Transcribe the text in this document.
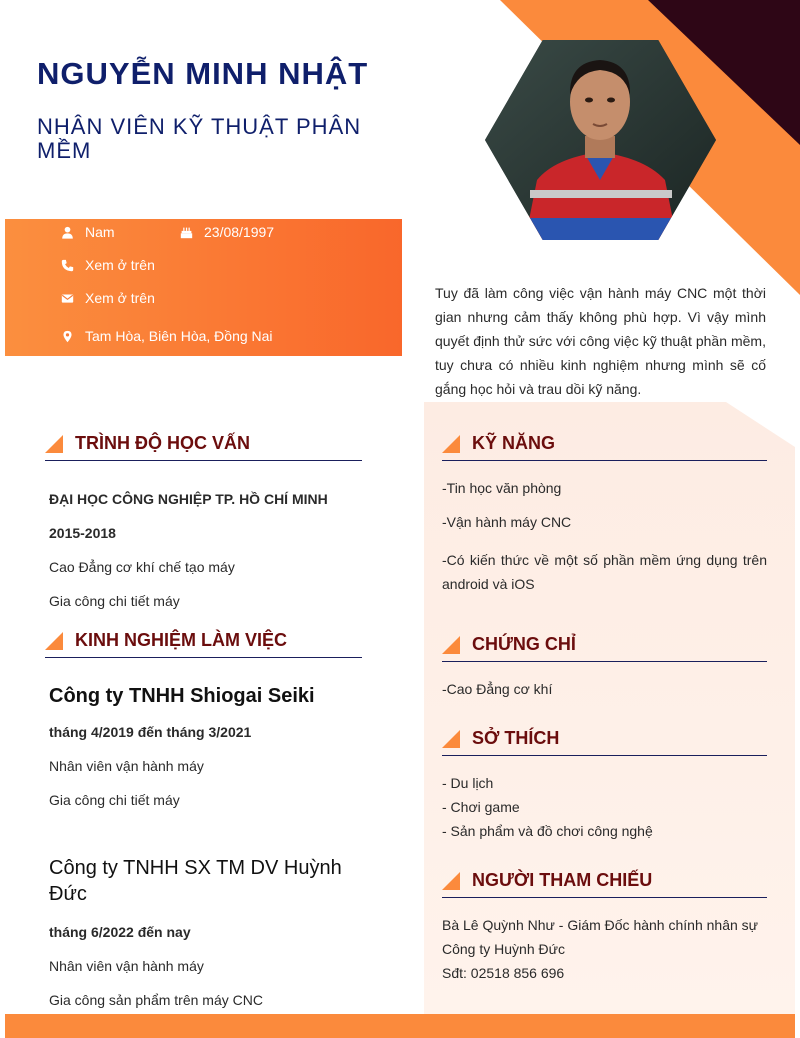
NGUYỄN MINH NHẬT
NHÂN VIÊN KỸ THUẬT PHÂN MỀM
Nam	23/08/1997
Xem ở trên
Xem ở trên
Tam Hòa, Biên Hòa, Đồng Nai
Tuy đã làm công việc vận hành máy CNC một thời gian nhưng cảm thấy không phù hợp. Vì vậy mình quyết định thử sức với công việc kỹ thuật phần mềm, tuy chưa có nhiều kinh nghiệm nhưng mình sẽ cố gắng học hỏi và trau dồi kỹ năng.
TRÌNH ĐỘ HỌC VẤN
ĐẠI HỌC CÔNG NGHIỆP TP. HỒ CHÍ MINH
2015-2018
Cao Đẳng cơ khí chế tạo máy
Gia công chi tiết máy
KINH NGHIỆM LÀM VIỆC
Công ty TNHH Shiogai Seiki
tháng 4/2019 đến tháng 3/2021
Nhân viên vận hành máy
Gia công chi tiết máy
Công ty TNHH SX TM DV Huỳnh Đức
tháng 6/2022 đến nay
Nhân viên vận hành máy
Gia công sản phẩm trên máy CNC
KỸ NĂNG
-Tin học văn phòng
-Vận hành máy CNC
-Có kiến thức về một số phần mềm ứng dụng trên android và iOS
CHỨNG CHỈ
-Cao Đẳng cơ khí
SỞ THÍCH
- Du lịch
- Chơi game
- Sản phẩm và đồ chơi công nghệ
NGƯỜI THAM CHIẾU
Bà Lê Quỳnh Như - Giám Đốc hành chính nhân sự
Công ty Huỳnh Đức
Sđt: 02518 856 696
